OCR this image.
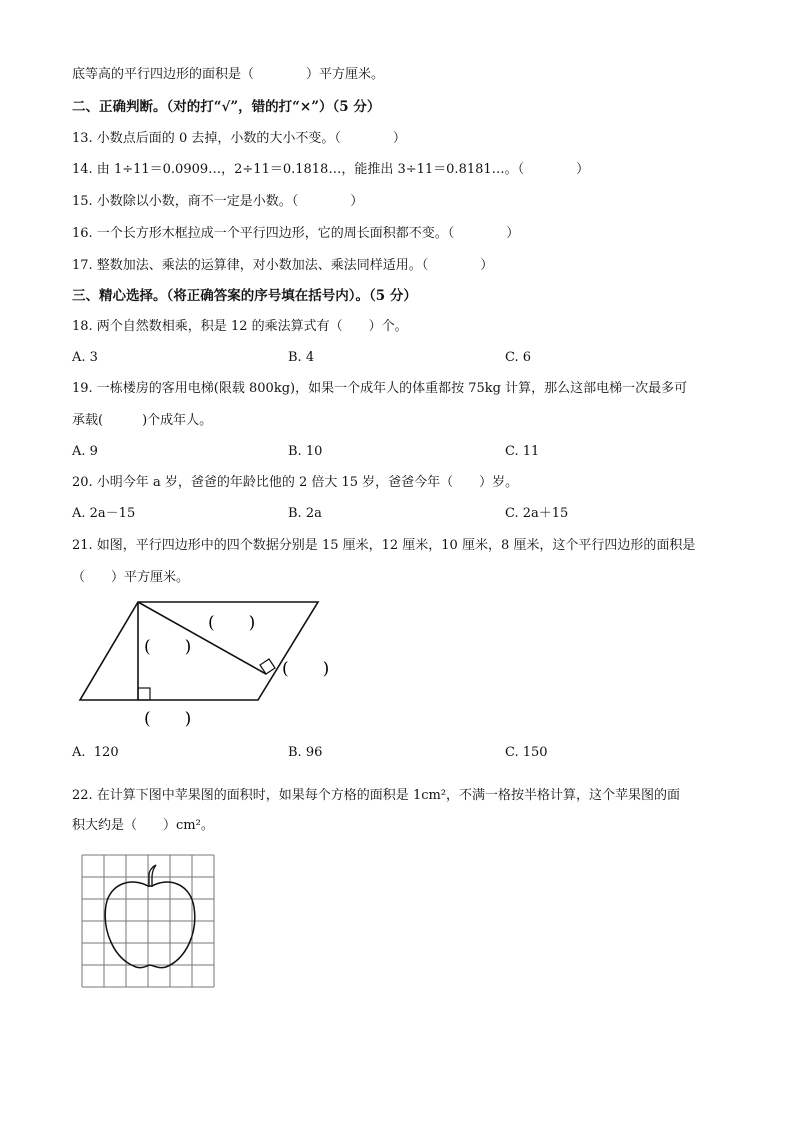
底等高的平行四边形的面积是（　　　　）平方厘米。
二、正确判断。（对的打“√”，错的打“×”）（5 分）
13. 小数点后面的 0 去掉，小数的大小不变。（　　　　）
14. 由 1÷11＝0.0909…，2÷11＝0.1818…，能推出 3÷11＝0.8181…。（　　　　）
15. 小数除以小数，商不一定是小数。（　　　　）
16. 一个长方形木框拉成一个平行四边形，它的周长面积都不变。（　　　　）
17. 整数加法、乘法的运算律，对小数加法、乘法同样适用。（　　　　）
三、精心选择。（将正确答案的序号填在括号内）。（5 分）
18. 两个自然数相乘，积是 12 的乘法算式有（　　）个。
A. 3	B. 4	C. 6
19. 一栋楼房的客用电梯(限载 800kg)，如果一个成年人的体重都按 75kg 计算，那么这部电梯一次最多可
承载(　　　)个成年人。
A. 9	B. 10	C. 11
20. 小明今年 a 岁，爸爸的年龄比他的 2 倍大 15 岁，爸爸今年（　　）岁。
A. 2a－15	B. 2a	C. 2a＋15
21. 如图，平行四边形中的四个数据分别是 15 厘米，12 厘米，10 厘米，8 厘米，这个平行四边形的面积是
（　　）平方厘米。
(　　)
(　　)
(　　)
(　　)
A.  120	B. 96	C. 150
22. 在计算下图中苹果图的面积时，如果每个方格的面积是 1cm²，不满一格按半格计算，这个苹果图的面
积大约是（　　）cm²。
